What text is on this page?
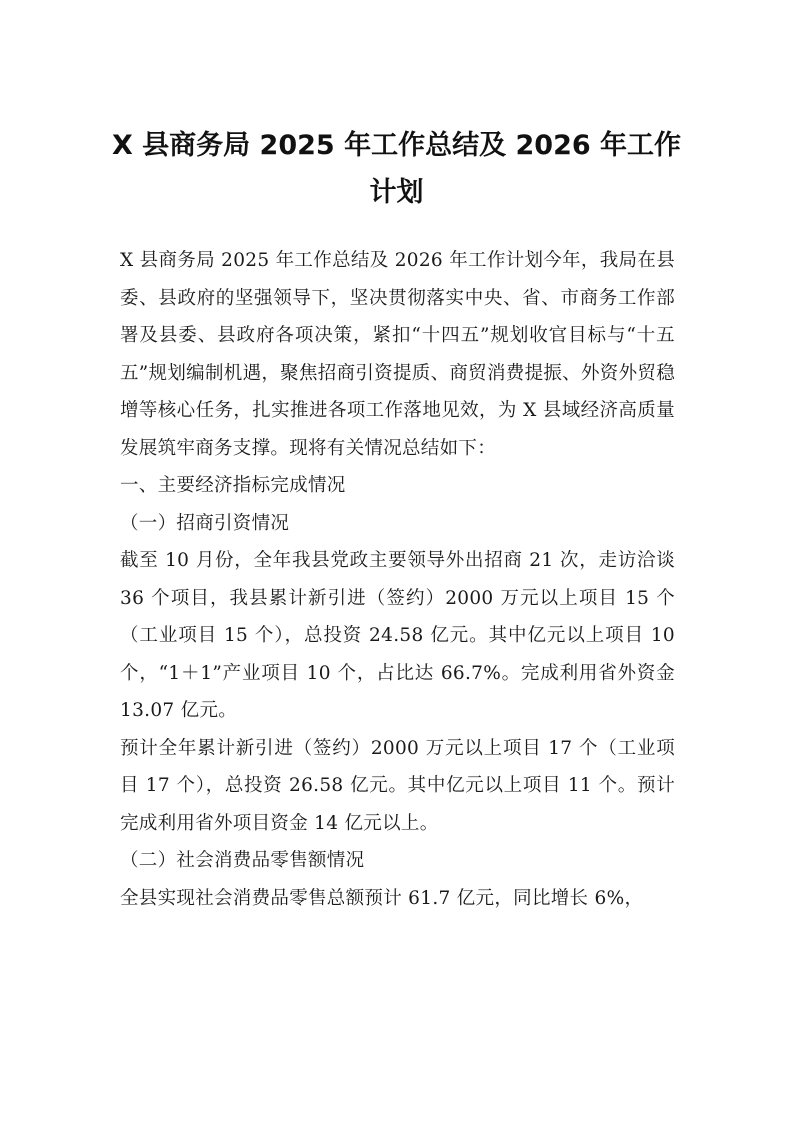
X 县商务局 2025 年工作总结及 2026 年工作
计划

X 县商务局 2025 年工作总结及 2026 年工作计划今年，我局在县委、县政府的坚强领导下，坚决贯彻落实中央、省、市商务工作部署及县委、县政府各项决策，紧扣“十四五”规划收官目标与“十五五”规划编制机遇，聚焦招商引资提质、商贸消费提振、外资外贸稳增等核心任务，扎实推进各项工作落地见效，为 X 县域经济高质量发展筑牢商务支撑。现将有关情况总结如下：

一、主要经济指标完成情况

（一）招商引资情况

截至 10 月份，全年我县党政主要领导外出招商 21 次，走访洽谈 36 个项目，我县累计新引进（签约）2000 万元以上项目 15 个（工业项目 15 个），总投资 24.58 亿元。其中亿元以上项目 10 个，“1＋1”产业项目 10 个，占比达 66.7%。完成利用省外资金 13.07 亿元。

预计全年累计新引进（签约）2000 万元以上项目 17 个（工业项目 17 个），总投资 26.58 亿元。其中亿元以上项目 11 个。预计完成利用省外项目资金 14 亿元以上。

（二）社会消费品零售额情况

全县实现社会消费品零售总额预计 61.7 亿元，同比增长 6%，
